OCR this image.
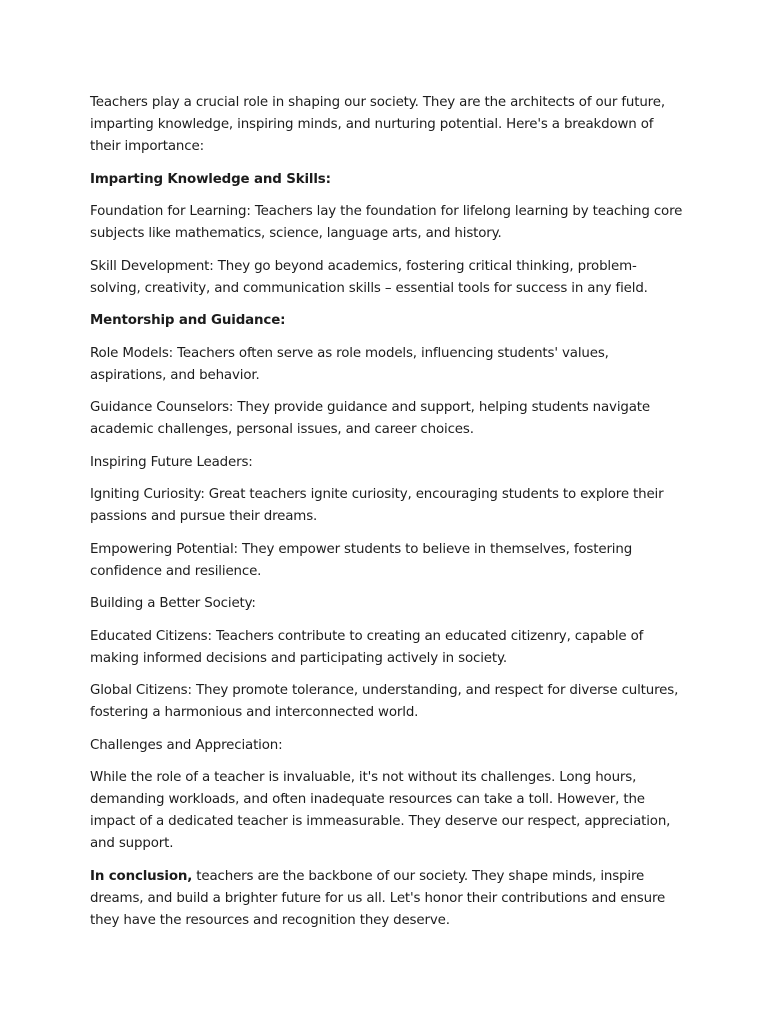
Teachers play a crucial role in shaping our society. They are the architects of our future, imparting knowledge, inspiring minds, and nurturing potential. Here's a breakdown of their importance:

Imparting Knowledge and Skills:

Foundation for Learning: Teachers lay the foundation for lifelong learning by teaching core subjects like mathematics, science, language arts, and history.

Skill Development: They go beyond academics, fostering critical thinking, problem-solving, creativity, and communication skills – essential tools for success in any field.

Mentorship and Guidance:

Role Models: Teachers often serve as role models, influencing students' values, aspirations, and behavior.

Guidance Counselors: They provide guidance and support, helping students navigate academic challenges, personal issues, and career choices.

Inspiring Future Leaders:

Igniting Curiosity: Great teachers ignite curiosity, encouraging students to explore their passions and pursue their dreams.

Empowering Potential: They empower students to believe in themselves, fostering confidence and resilience.

Building a Better Society:

Educated Citizens: Teachers contribute to creating an educated citizenry, capable of making informed decisions and participating actively in society.

Global Citizens: They promote tolerance, understanding, and respect for diverse cultures, fostering a harmonious and interconnected world.

Challenges and Appreciation:

While the role of a teacher is invaluable, it's not without its challenges. Long hours, demanding workloads, and often inadequate resources can take a toll. However, the impact of a dedicated teacher is immeasurable. They deserve our respect, appreciation, and support.

In conclusion, teachers are the backbone of our society. They shape minds, inspire dreams, and build a brighter future for us all. Let's honor their contributions and ensure they have the resources and recognition they deserve.
